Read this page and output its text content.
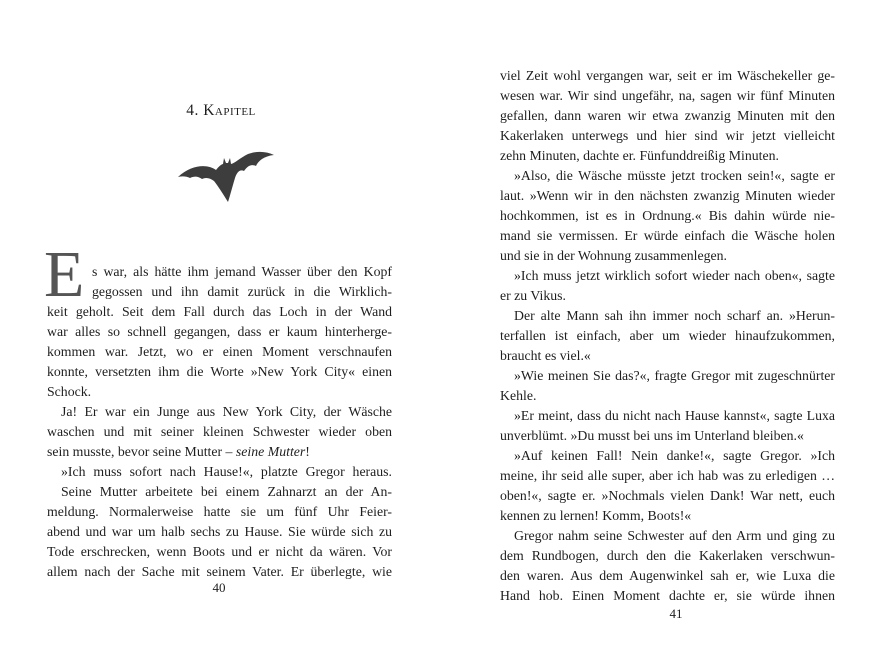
4. Kapitel
E s war, als hätte ihm jemand Wasser über den Kopf
gegossen und ihn damit zurück in die Wirklich-
keit geholt. Seit dem Fall durch das Loch in der Wand
war alles so schnell gegangen, dass er kaum hinterherge-
kommen war. Jetzt, wo er einen Moment verschnaufen
konnte, versetzten ihm die Worte »New York City« einen
Schock.
Ja! Er war ein Junge aus New York City, der Wäsche
waschen und mit seiner kleinen Schwester wieder oben
sein musste, bevor seine Mutter – seine Mutter!
»Ich muss sofort nach Hause!«, platzte Gregor heraus.
Seine Mutter arbeitete bei einem Zahnarzt an der An-
meldung. Normalerweise hatte sie um fünf Uhr Feier-
abend und war um halb sechs zu Hause. Sie würde sich zu
Tode erschrecken, wenn Boots und er nicht da wären. Vor
allem nach der Sache mit seinem Vater. Er überlegte, wie
40
viel Zeit wohl vergangen war, seit er im Wäschekeller ge-
wesen war. Wir sind ungefähr, na, sagen wir fünf Minuten
gefallen, dann waren wir etwa zwanzig Minuten mit den
Kakerlaken unterwegs und hier sind wir jetzt vielleicht
zehn Minuten, dachte er. Fünfunddreißig Minuten.
»Also, die Wäsche müsste jetzt trocken sein!«, sagte er
laut. »Wenn wir in den nächsten zwanzig Minuten wieder
hochkommen, ist es in Ordnung.« Bis dahin würde nie-
mand sie vermissen. Er würde einfach die Wäsche holen
und sie in der Wohnung zusammenlegen.
»Ich muss jetzt wirklich sofort wieder nach oben«, sagte
er zu Vikus.
Der alte Mann sah ihn immer noch scharf an. »Herun-
terfallen ist einfach, aber um wieder hinaufzukommen,
braucht es viel.«
»Wie meinen Sie das?«, fragte Gregor mit zugeschnürter
Kehle.
»Er meint, dass du nicht nach Hause kannst«, sagte Luxa
unverblümt. »Du musst bei uns im Unterland bleiben.«
»Auf keinen Fall! Nein danke!«, sagte Gregor. »Ich
meine, ihr seid alle super, aber ich hab was zu erledigen …
oben!«, sagte er. »Nochmals vielen Dank! War nett, euch
kennen zu lernen! Komm, Boots!«
Gregor nahm seine Schwester auf den Arm und ging zu
dem Rundbogen, durch den die Kakerlaken verschwun-
den waren. Aus dem Augenwinkel sah er, wie Luxa die
Hand hob. Einen Moment dachte er, sie würde ihnen
41
